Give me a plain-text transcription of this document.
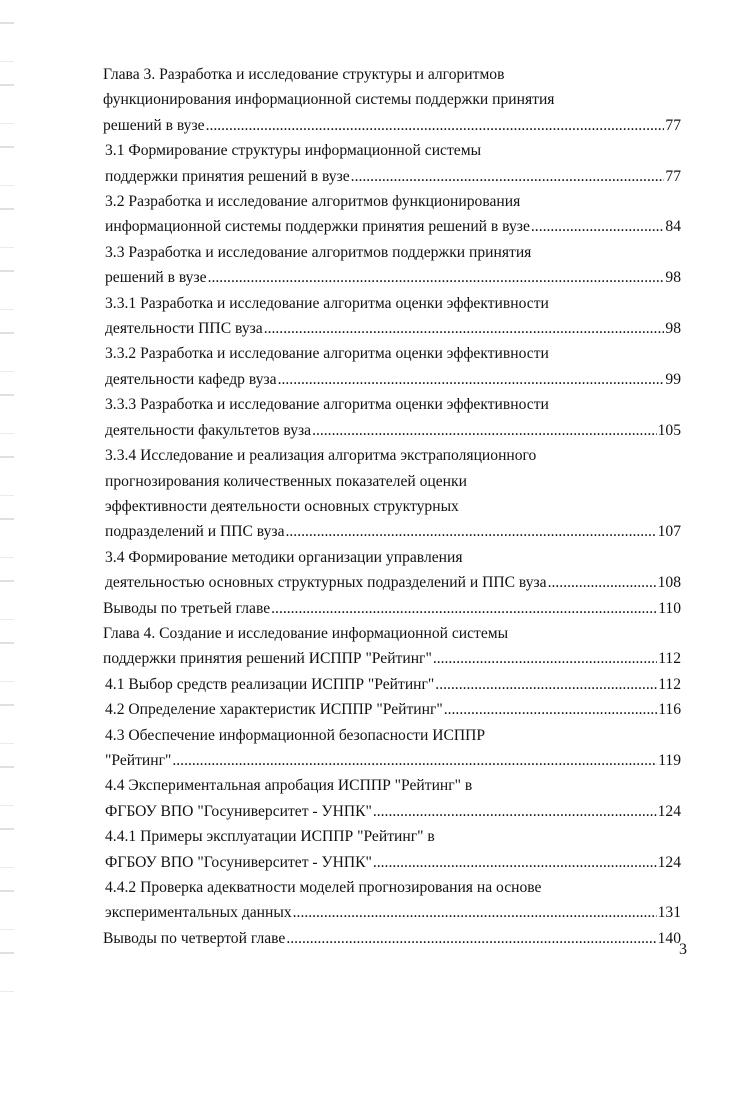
Глава 3. Разработка и исследование структуры и алгоритмов
функционирования информационной системы поддержки принятия
решений в вузе .....	77
3.1 Формирование структуры информационной системы
поддержки принятия решений в вузе .....	77
3.2 Разработка и исследование алгоритмов функционирования
информационной системы поддержки принятия решений в вузе .....	84
3.3 Разработка и исследование алгоритмов поддержки принятия
решений в вузе .....	98
3.3.1 Разработка и исследование алгоритма оценки эффективности
деятельности ППС вуза .....	98
3.3.2 Разработка и исследование алгоритма оценки эффективности
деятельности кафедр вуза .....	99
3.3.3 Разработка и исследование алгоритма оценки эффективности
деятельности факультетов вуза .....	105
3.3.4 Исследование и реализация алгоритма экстраполяционного
прогнозирования количественных показателей оценки
эффективности деятельности основных структурных
подразделений и ППС вуза .....	107
3.4 Формирование методики организации управления
деятельностью основных структурных подразделений и ППС вуза .....	108
Выводы по третьей главе .....	110
Глава 4. Создание и исследование информационной системы
поддержки принятия решений ИСППР "Рейтинг" .....	112
4.1 Выбор средств реализации ИСППР "Рейтинг" .....	112
4.2 Определение характеристик ИСППР "Рейтинг" .....	116
4.3 Обеспечение информационной безопасности ИСППР
"Рейтинг" .....	119
4.4 Экспериментальная апробация ИСППР "Рейтинг" в
ФГБОУ ВПО "Госуниверситет - УНПК" .....	124
4.4.1 Примеры эксплуатации ИСППР "Рейтинг" в
ФГБОУ ВПО "Госуниверситет - УНПК" .....	124
4.4.2 Проверка адекватности моделей прогнозирования на основе
экспериментальных данных .....	131
Выводы по четвертой главе .....	140
3
